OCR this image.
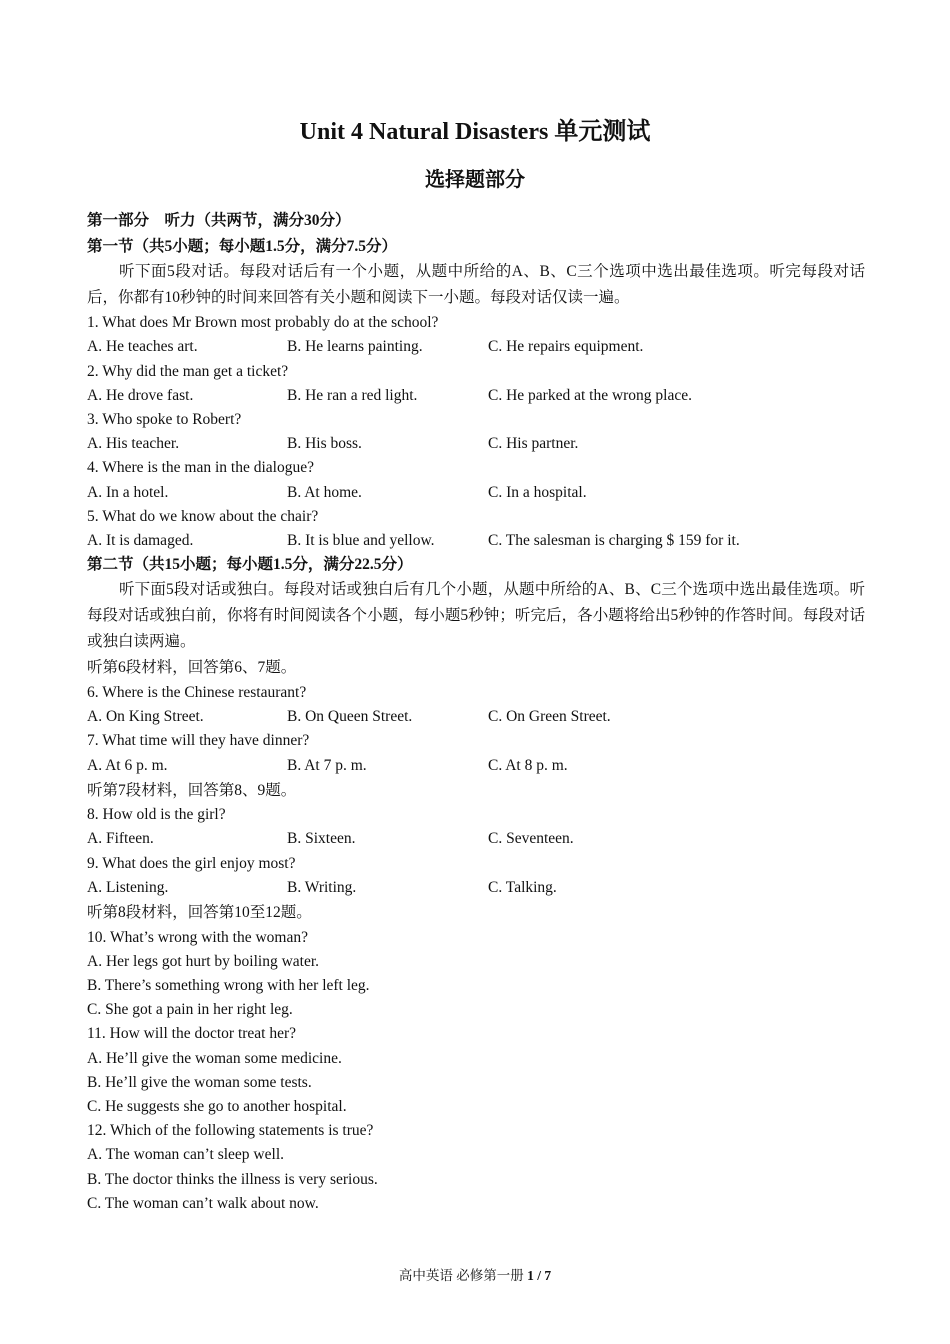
Unit 4 Natural Disasters 单元测试
选择题部分
第一部分　听力（共两节，满分30分）
第一节（共5小题；每小题1.5分，满分7.5分）
听下面5段对话。每段对话后有一个小题，从题中所给的A、B、C三个选项中选出最佳选项。听完每段对话后，你都有10秒钟的时间来回答有关小题和阅读下一小题。每段对话仅读一遍。
1. What does Mr Brown most probably do at the school?
A. He teaches art.	B. He learns painting.	C. He repairs equipment.
2. Why did the man get a ticket?
A. He drove fast.	B. He ran a red light.	C. He parked at the wrong place.
3. Who spoke to Robert?
A. His teacher.	B. His boss.	C. His partner.
4. Where is the man in the dialogue?
A. In a hotel.	B. At home.	C. In a hospital.
5. What do we know about the chair?
A. It is damaged.	B. It is blue and yellow.	C. The salesman is charging $ 159 for it.
第二节（共15小题；每小题1.5分，满分22.5分）
听下面5段对话或独白。每段对话或独白后有几个小题，从题中所给的A、B、C三个选项中选出最佳选项。听每段对话或独白前，你将有时间阅读各个小题，每小题5秒钟；听完后，各小题将给出5秒钟的作答时间。每段对话或独白读两遍。
听第6段材料，回答第6、7题。
6. Where is the Chinese restaurant?
A. On King Street.	B. On Queen Street.	C. On Green Street.
7. What time will they have dinner?
A. At 6 p. m.	B. At 7 p. m.	C. At 8 p. m.
听第7段材料，回答第8、9题。
8. How old is the girl?
A. Fifteen.	B. Sixteen.	C. Seventeen.
9. What does the girl enjoy most?
A. Listening.	B. Writing.	C. Talking.
听第8段材料，回答第10至12题。
10. What’s wrong with the woman?
A. Her legs got hurt by boiling water.
B. There’s something wrong with her left leg.
C. She got a pain in her right leg.
11. How will the doctor treat her?
A. He’ll give the woman some medicine.
B. He’ll give the woman some tests.
C. He suggests she go to another hospital.
12. Which of the following statements is true?
A. The woman can’t sleep well.
B. The doctor thinks the illness is very serious.
C. The woman can’t walk about now.
高中英语 必修第一册 1 / 7
